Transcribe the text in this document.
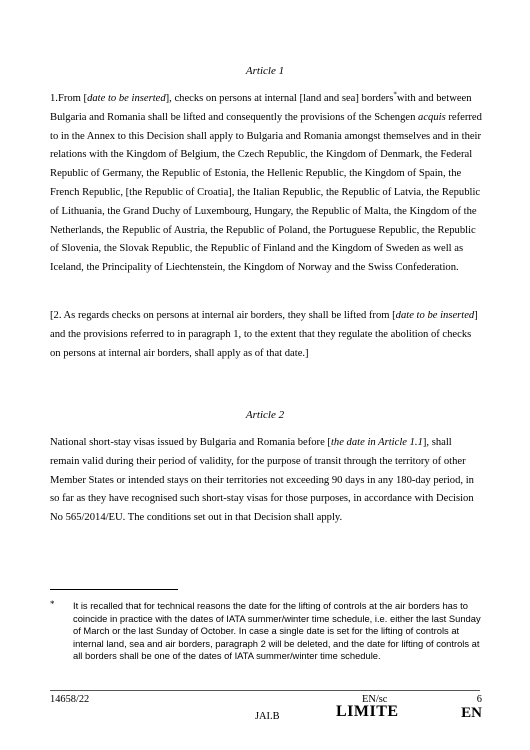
Article 1

1.From [date to be inserted], checks on persons at internal [land and sea] borders*with and between Bulgaria and Romania shall be lifted and consequently the provisions of the Schengen acquis referred to in the Annex to this Decision shall apply to Bulgaria and Romania amongst themselves and in their relations with the Kingdom of Belgium, the Czech Republic, the Kingdom of Denmark, the Federal Republic of Germany, the Republic of Estonia, the Hellenic Republic, the Kingdom of Spain, the French Republic, [the Republic of Croatia], the Italian Republic, the Republic of Latvia, the Republic of Lithuania, the Grand Duchy of Luxembourg, Hungary, the Republic of Malta, the Kingdom of the Netherlands, the Republic of Austria, the Republic of Poland, the Portuguese Republic, the Republic of Slovenia, the Slovak Republic, the Republic of Finland and the Kingdom of Sweden as well as Iceland, the Principality of Liechtenstein, the Kingdom of Norway and the Swiss Confederation.

[2. As regards checks on persons at internal air borders, they shall be lifted from [date to be inserted] and the provisions referred to in paragraph 1, to the extent that they regulate the abolition of checks on persons at internal air borders, shall apply as of that date.]

Article 2

National short-stay visas issued by Bulgaria and Romania before [the date in Article 1.1], shall remain valid during their period of validity, for the purpose of transit through the territory of other Member States or intended stays on their territories not exceeding 90 days in any 180-day period, in so far as they have recognised such short-stay visas for those purposes, in accordance with Decision No 565/2014/EU. The conditions set out in that Decision shall apply.

* It is recalled that for technical reasons the date for the lifting of controls at the air borders has to coincide in practice with the dates of IATA summer/winter time schedule, i.e. either the last Sunday of March or the last Sunday of October. In case a single date is set for the lifting of controls at internal land, sea and air borders, paragraph 2 will be deleted, and the date for lifting of controls at all borders shall be one of the dates of IATA summer/winter time schedule.

14658/22	EN/sc	6
JAI.B	LIMITE	EN
